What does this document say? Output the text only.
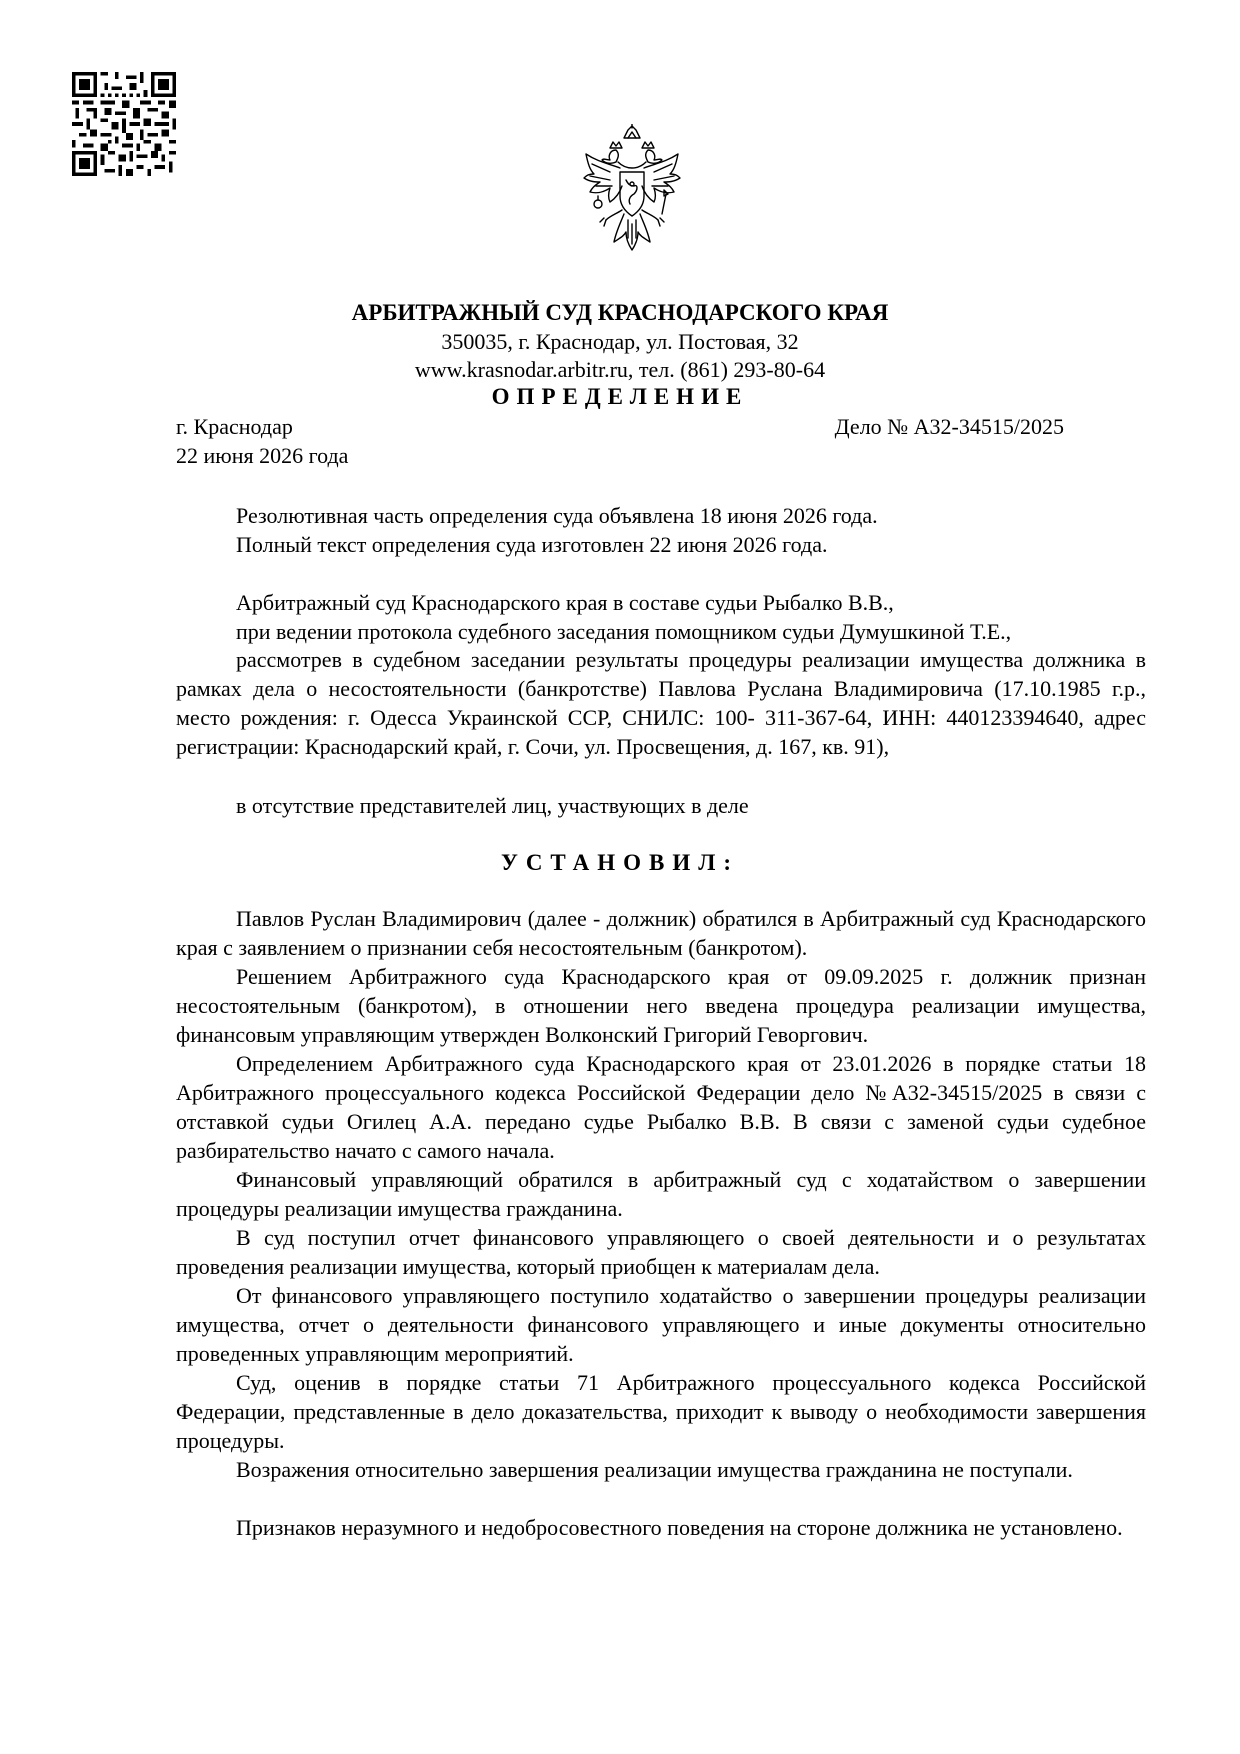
АРБИТРАЖНЫЙ СУД КРАСНОДАРСКОГО КРАЯ
350035, г. Краснодар, ул. Постовая, 32
www.krasnodar.arbitr.ru, тел. (861) 293-80-64
ОПРЕДЕЛЕНИЕ
г. Краснодар
22 июня 2026 года
Дело № А32-34515/2025
Резолютивная часть определения суда объявлена 18 июня 2026 года.
Полный текст определения суда изготовлен 22 июня 2026 года.
Арбитражный суд Краснодарского края в составе судьи Рыбалко В.В.,
при ведении протокола судебного заседания помощником судьи Думушкиной Т.Е.,
рассмотрев в судебном заседании результаты процедуры реализации имущества должника в рамках дела о несостоятельности (банкротстве) Павлова Руслана Владимировича (17.10.1985 г.р., место рождения: г. Одесса Украинской ССР, СНИЛС: 100- 311-367-64, ИНН: 440123394640, адрес регистрации: Краснодарский край, г. Сочи, ул. Просвещения, д. 167, кв. 91),
в отсутствие представителей лиц, участвующих в деле
УСТАНОВИЛ:
Павлов Руслан Владимирович (далее - должник) обратился в Арбитражный суд Краснодарского края с заявлением о признании себя несостоятельным (банкротом).
Решением Арбитражного суда Краснодарского края от 09.09.2025 г. должник признан несостоятельным (банкротом), в отношении него введена процедура реализации имущества, финансовым управляющим утвержден Волконский Григорий Геворгович.
Определением Арбитражного суда Краснодарского края от 23.01.2026 в порядке статьи 18 Арбитражного процессуального кодекса Российской Федерации дело №А32-34515/2025 в связи с отставкой судьи Огилец А.А. передано судье Рыбалко В.В. В связи с заменой судьи судебное разбирательство начато с самого начала.
Финансовый управляющий обратился в арбитражный суд с ходатайством о завершении процедуры реализации имущества гражданина.
В суд поступил отчет финансового управляющего о своей деятельности и о результатах проведения реализации имущества, который приобщен к материалам дела.
От финансового управляющего поступило ходатайство о завершении процедуры реализации имущества, отчет о деятельности финансового управляющего и иные документы относительно проведенных управляющим мероприятий.
Суд, оценив в порядке статьи 71 Арбитражного процессуального кодекса Российской Федерации, представленные в дело доказательства, приходит к выводу о необходимости завершения процедуры.
Возражения относительно завершения реализации имущества гражданина не поступали.
Признаков неразумного и недобросовестного поведения на стороне должника не установлено.
